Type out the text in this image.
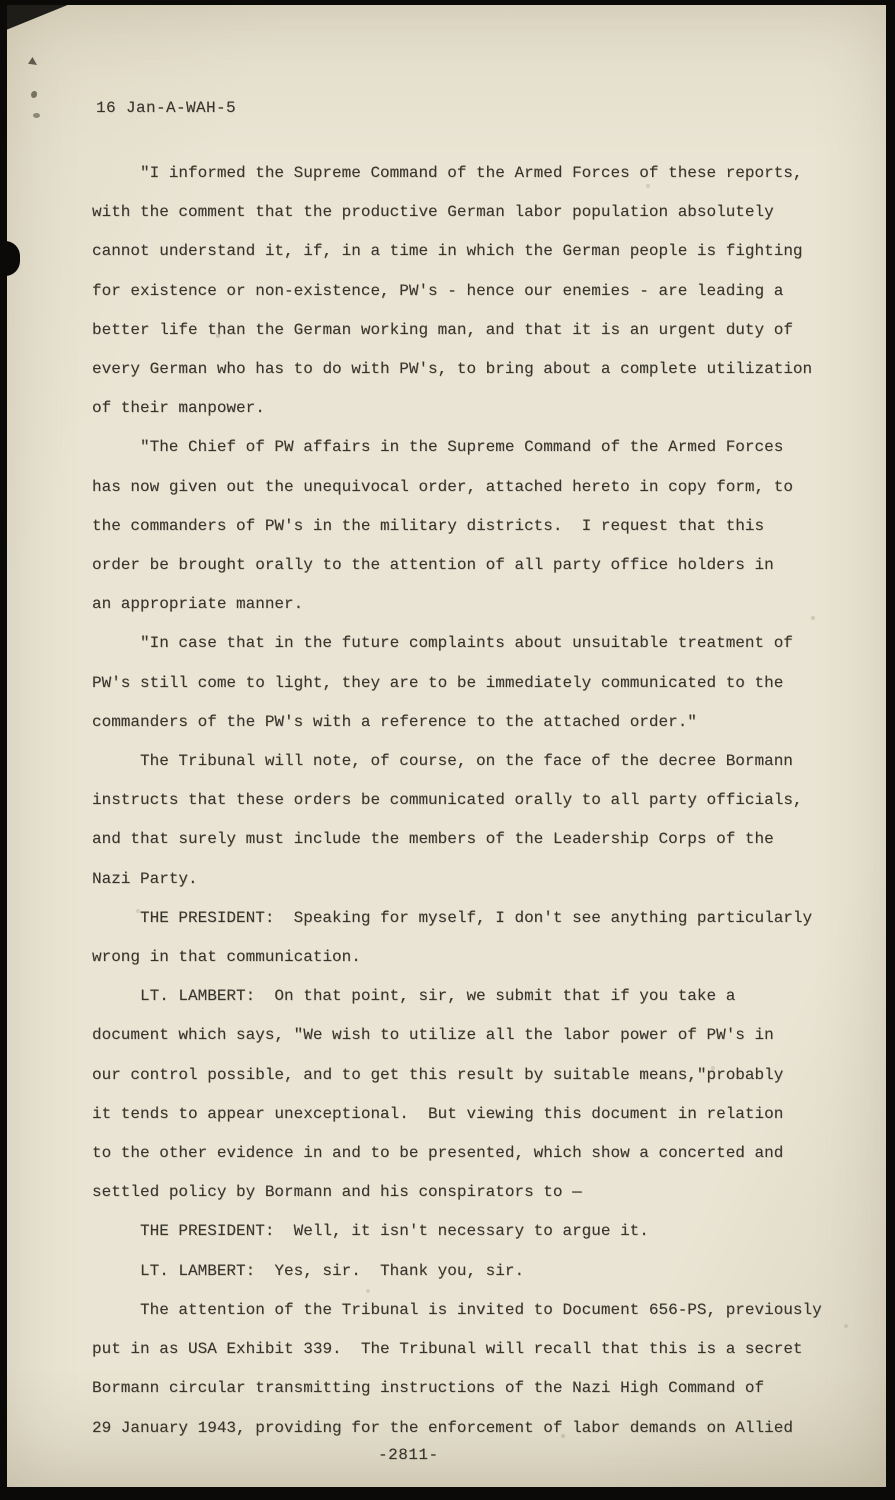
16 Jan-A-WAH-5
"I informed the Supreme Command of the Armed Forces of these reports,
with the comment that the productive German labor population absolutely
cannot understand it, if, in a time in which the German people is fighting
for existence or non-existence, PW's - hence our enemies - are leading a
better life than the German working man, and that it is an urgent duty of
every German who has to do with PW's, to bring about a complete utilization
of their manpower.
"The Chief of PW affairs in the Supreme Command of the Armed Forces
has now given out the unequivocal order, attached hereto in copy form, to
the commanders of PW's in the military districts.  I request that this
order be brought orally to the attention of all party office holders in
an appropriate manner.
"In case that in the future complaints about unsuitable treatment of
PW's still come to light, they are to be immediately communicated to the
commanders of the PW's with a reference to the attached order."
The Tribunal will note, of course, on the face of the decree Bormann
instructs that these orders be communicated orally to all party officials,
and that surely must include the members of the Leadership Corps of the
Nazi Party.
THE PRESIDENT:  Speaking for myself, I don't see anything particularly
wrong in that communication.
LT. LAMBERT:  On that point, sir, we submit that if you take a
document which says, "We wish to utilize all the labor power of PW's in
our control possible, and to get this result by suitable means,"probably
it tends to appear unexceptional.  But viewing this document in relation
to the other evidence in and to be presented, which show a concerted and
settled policy by Bormann and his conspirators to —
THE PRESIDENT:  Well, it isn't necessary to argue it.
LT. LAMBERT:  Yes, sir.  Thank you, sir.
The attention of the Tribunal is invited to Document 656-PS, previously
put in as USA Exhibit 339.  The Tribunal will recall that this is a secret
Bormann circular transmitting instructions of the Nazi High Command of
29 January 1943, providing for the enforcement of labor demands on Allied
-2811-
